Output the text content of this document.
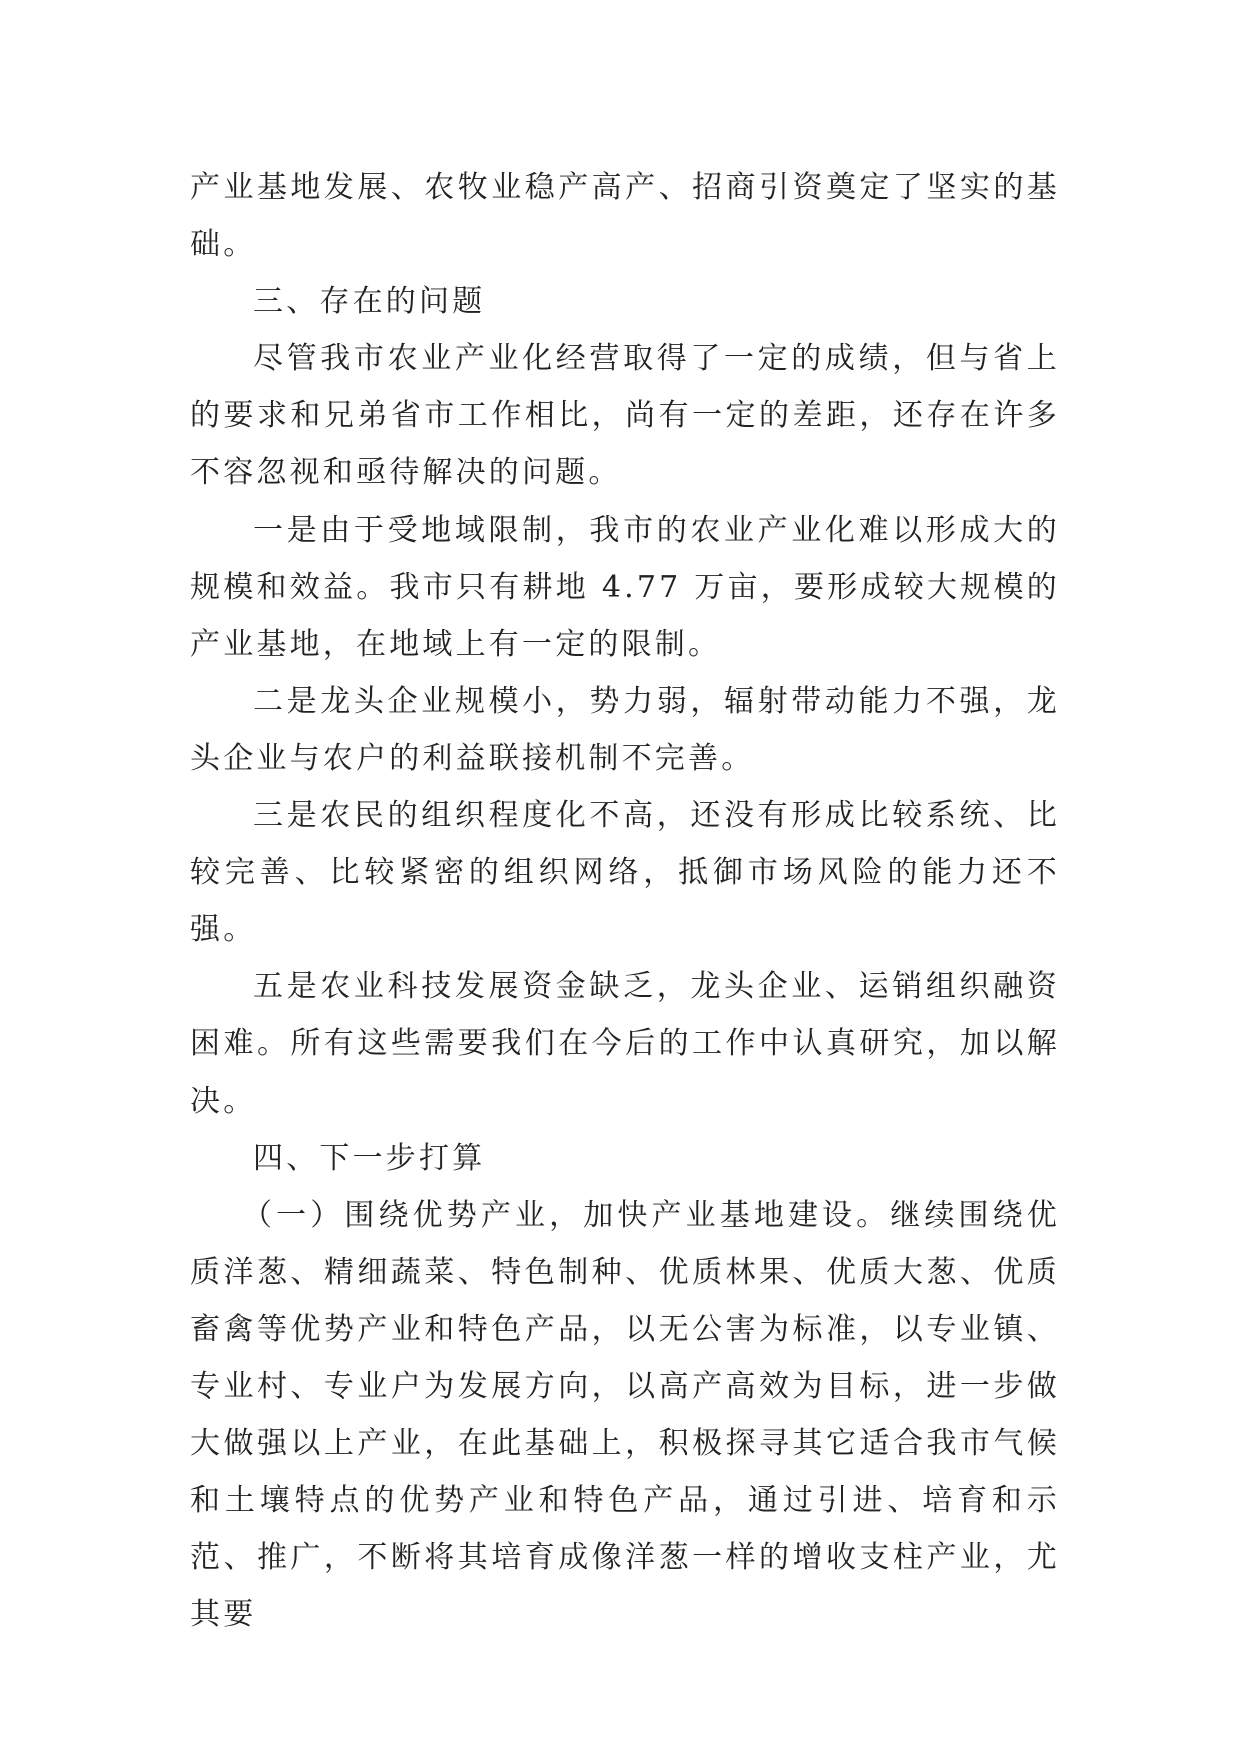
产业基地发展、农牧业稳产高产、招商引资奠定了坚实的基础。

三、存在的问题

尽管我市农业产业化经营取得了一定的成绩，但与省上的要求和兄弟省市工作相比，尚有一定的差距，还存在许多不容忽视和亟待解决的问题。

一是由于受地域限制，我市的农业产业化难以形成大的规模和效益。我市只有耕地 4.77 万亩，要形成较大规模的产业基地，在地域上有一定的限制。

二是龙头企业规模小，势力弱，辐射带动能力不强，龙头企业与农户的利益联接机制不完善。

三是农民的组织程度化不高，还没有形成比较系统、比较完善、比较紧密的组织网络，抵御市场风险的能力还不强。

五是农业科技发展资金缺乏，龙头企业、运销组织融资困难。所有这些需要我们在今后的工作中认真研究，加以解决。

四、下一步打算

（一）围绕优势产业，加快产业基地建设。继续围绕优质洋葱、精细蔬菜、特色制种、优质林果、优质大葱、优质畜禽等优势产业和特色产品，以无公害为标准，以专业镇、专业村、专业户为发展方向，以高产高效为目标，进一步做大做强以上产业，在此基础上，积极探寻其它适合我市气候和土壤特点的优势产业和特色产品，通过引进、培育和示范、推广，不断将其培育成像洋葱一样的增收支柱产业，尤其要
